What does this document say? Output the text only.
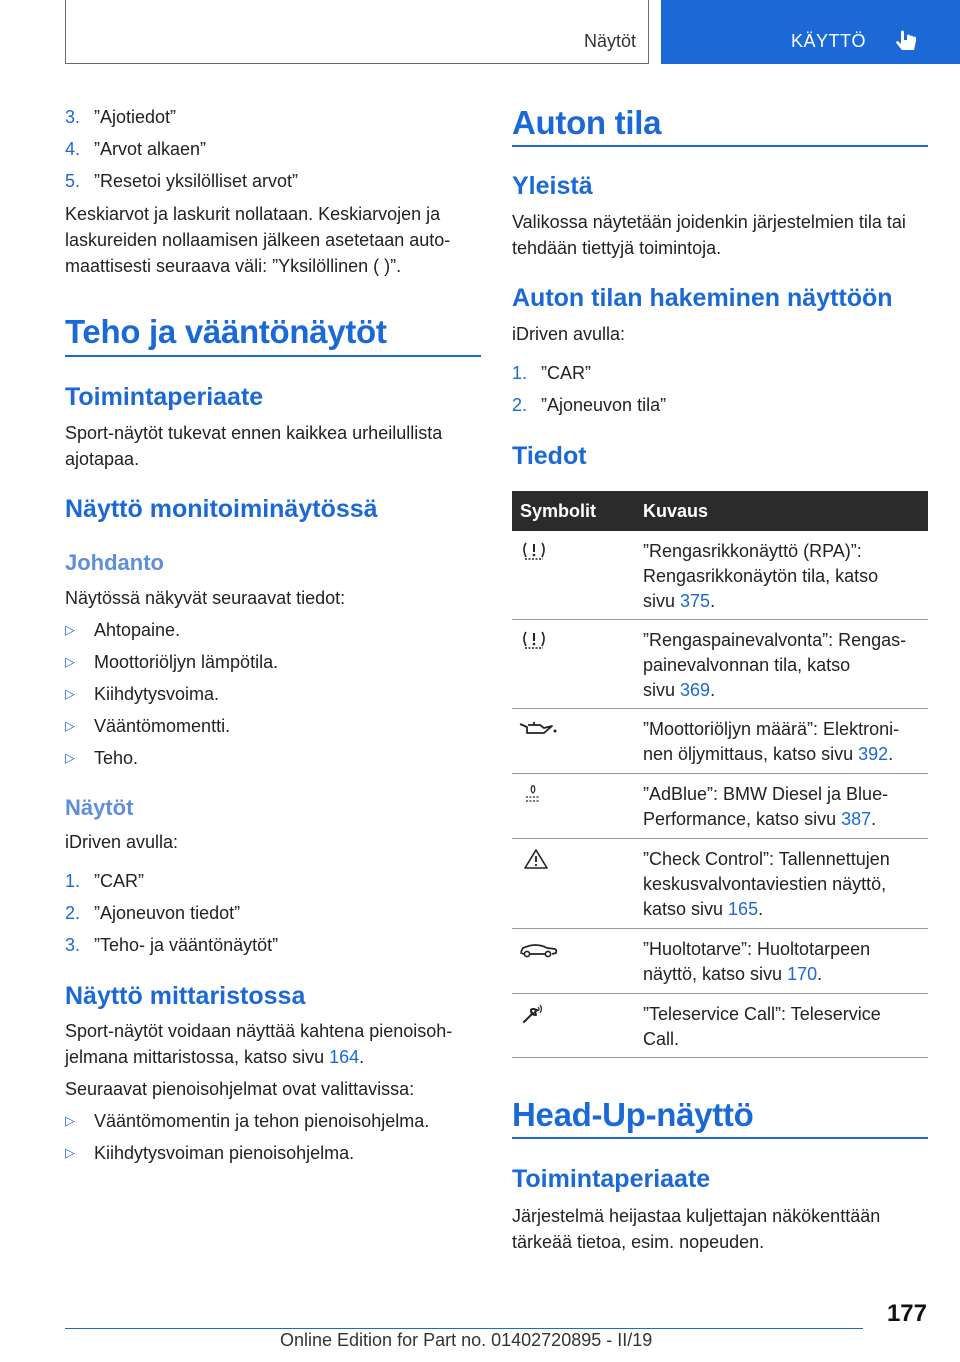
Näytöt	KÄYTTÖ
3. ”Ajotiedot”
4. ”Arvot alkaen”
5. ”Resetoi yksilölliset arvot”
Keskiarvot ja laskurit nollataan. Keskiarvojen ja
laskureiden nollaamisen jälkeen asetetaan auto-
maattisesti seuraava väli: ”Yksilöllinen ( )”.
Teho ja vääntönäytöt
Toimintaperiaate
Sport-näytöt tukevat ennen kaikkea urheilullista
ajotapaa.
Näyttö monitoiminäytössä
Johdanto
Näytössä näkyvät seuraavat tiedot:
▷ Ahtopaine.
▷ Moottoriöljyn lämpötila.
▷ Kiihdytysvoima.
▷ Vääntömomentti.
▷ Teho.
Näytöt
iDriven avulla:
1. ”CAR”
2. ”Ajoneuvon tiedot”
3. ”Teho- ja vääntönäytöt”
Näyttö mittaristossa
Sport-näytöt voidaan näyttää kahtena pienoisoh-
jelmana mittaristossa, katso sivu 164.
Seuraavat pienoisohjelmat ovat valittavissa:
▷ Vääntömomentin ja tehon pienoisohjelma.
▷ Kiihdytysvoiman pienoisohjelma.
Auton tila
Yleistä
Valikossa näytetään joidenkin järjestelmien tila tai
tehdään tiettyjä toimintoja.
Auton tilan hakeminen näyttöön
iDriven avulla:
1. ”CAR”
2. ”Ajoneuvon tila”
Tiedot
Symbolit	Kuvaus
”Rengasrikkonäyttö (RPA)”:
Rengasrikkonäytön tila, katso
sivu 375.
”Rengaspainevalvonta”: Rengas-
painevalvonnan tila, katso
sivu 369.
”Moottoriöljyn määrä”: Elektroni-
nen öljymittaus, katso sivu 392.
”AdBlue”: BMW Diesel ja Blue-
Performance, katso sivu 387.
”Check Control”: Tallennettujen
keskusvalvontaviestien näyttö,
katso sivu 165.
”Huoltotarve”: Huoltotarpeen
näyttö, katso sivu 170.
”Teleservice Call”: Teleservice
Call.
Head-Up-näyttö
Toimintaperiaate
Järjestelmä heijastaa kuljettajan näkökenttään
tärkeää tietoa, esim. nopeuden.
177
Online Edition for Part no. 01402720895 - II/19
